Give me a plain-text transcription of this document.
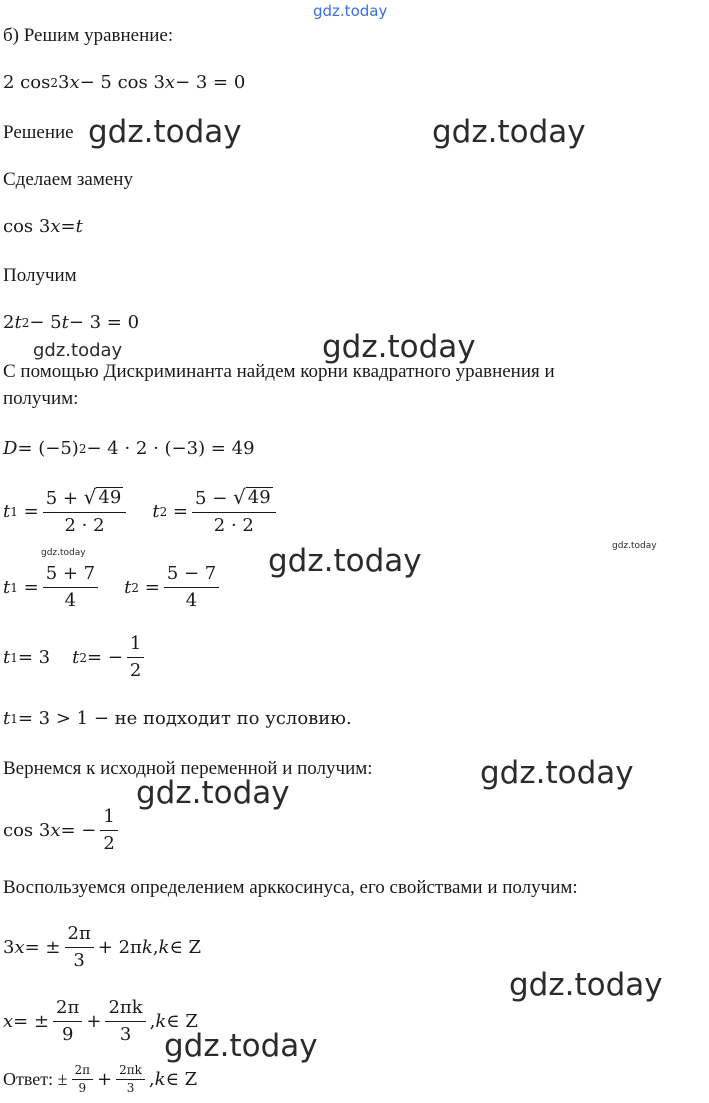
gdz.today
б) Решим уравнение:
2 cos 2 3 x − 5 cos 3 x − 3 = 0
Решение
Сделаем замену
cos 3 x = t
Получим
2 t 2 − 5 t − 3 = 0
С помощью Дискриминанта найдем корни квадратного уравнения и
получим:
D = (−5) 2 − 4 · 2 · (−3) = 49
t $1 = \frac{5 + √ 49}{2 \cdot 2}$ t $2 = \frac{5 - √ 49}{2 \cdot 2}$
t $1 = \frac{5 + 7}{4}$ t $2 = \frac{5 - 7}{4}$
t 1 = 3 t 2 = − $\frac{1}{2}$
t 1 = 3 > 1 − не подходит по условию.
Вернемся к исходной переменной и получим:
cos 3 x = − $\frac{1}{2}$
Воспользуемся определением арккосинуса, его свойствами и получим:
3 x = ± $\frac{2\pi}{3} + 2\pi$ k , k ∈ Z
x = ± $\frac{2\pi}{9} + \frac{2\pi k}{3}$ , k ∈ Z
Ответ: ± $\frac{2\pi}{9} + \frac{2\pi k}{3}$ , k ∈ Z
gdz.today	gdz.today
gdz.today	gdz.today
gdz.today
gdz.today
gdz.today
gdz.today
gdz.today
gdz.today
gdz.today
